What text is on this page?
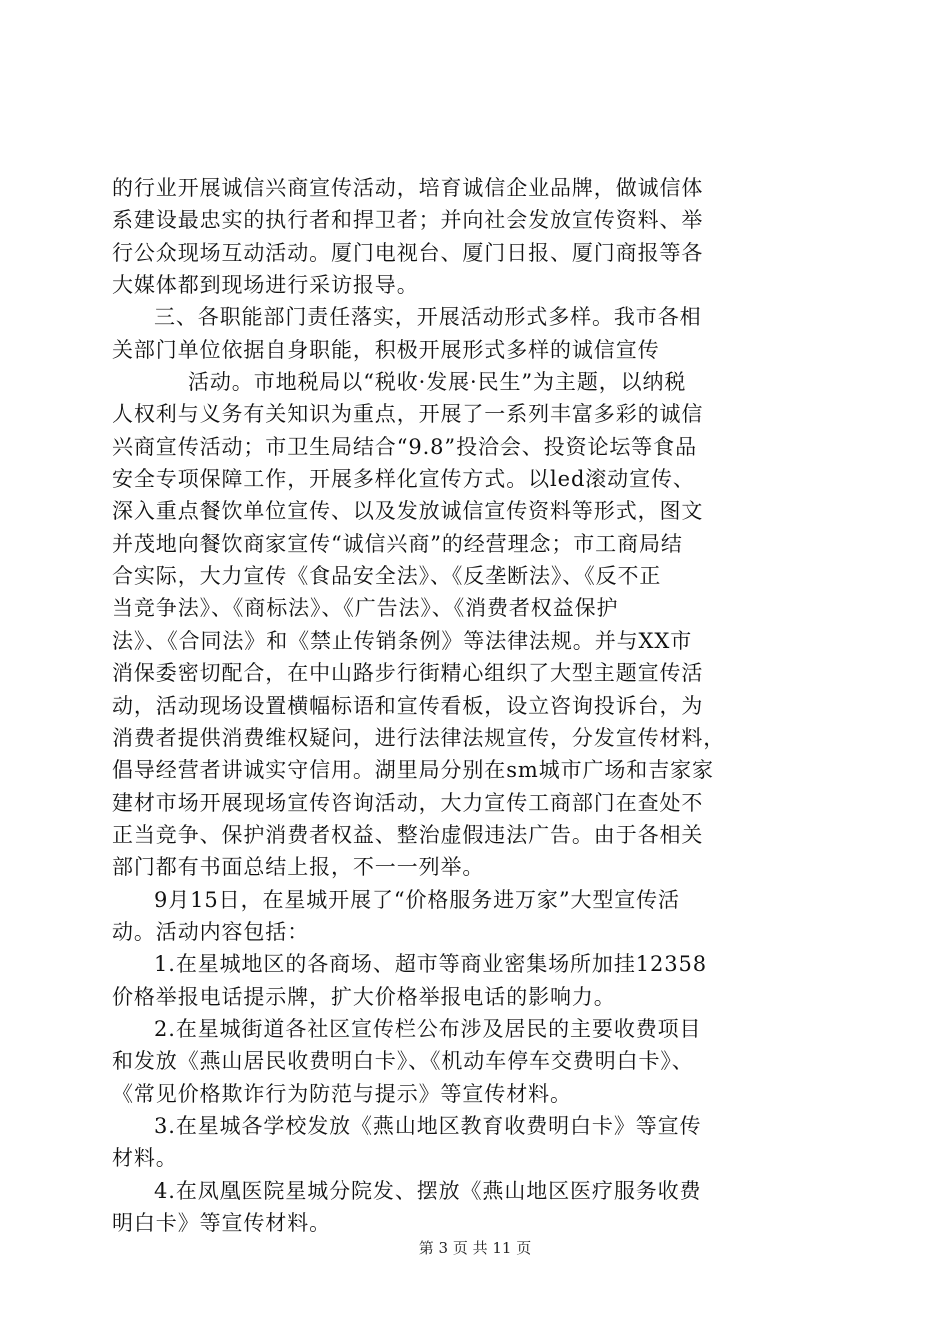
的行业开展诚信兴商宣传活动，培育诚信企业品牌，做诚信体
系建设最忠实的执行者和捍卫者；并向社会发放宣传资料、举
行公众现场互动活动。厦门电视台、厦门日报、厦门商报等各
大媒体都到现场进行采访报导。
三、各职能部门责任落实，开展活动形式多样。我市各相
关部门单位依据自身职能，积极开展形式多样的诚信宣传
活动。市地税局以“税收·发展·民生”为主题，以纳税
人权利与义务有关知识为重点，开展了一系列丰富多彩的诚信
兴商宣传活动；市卫生局结合“9.8”投洽会、投资论坛等食品
安全专项保障工作，开展多样化宣传方式。以led滚动宣传、
深入重点餐饮单位宣传、以及发放诚信宣传资料等形式，图文
并茂地向餐饮商家宣传“诚信兴商”的经营理念；市工商局结
合实际，大力宣传《食品安全法》、《反垄断法》、《反不正
当竞争法》、《商标法》、《广告法》、《消费者权益保护
法》、《合同法》和《禁止传销条例》等法律法规。并与XX市
消保委密切配合，在中山路步行街精心组织了大型主题宣传活
动，活动现场设置横幅标语和宣传看板，设立咨询投诉台，为
消费者提供消费维权疑问，进行法律法规宣传，分发宣传材料，
倡导经营者讲诚实守信用。湖里局分别在sm城市广场和吉家家
建材市场开展现场宣传咨询活动，大力宣传工商部门在查处不
正当竞争、保护消费者权益、整治虚假违法广告。由于各相关
部门都有书面总结上报，不一一列举。
9月15日，在星城开展了“价格服务进万家”大型宣传活
动。活动内容包括：
1.在星城地区的各商场、超市等商业密集场所加挂12358
价格举报电话提示牌，扩大价格举报电话的影响力。
2.在星城街道各社区宣传栏公布涉及居民的主要收费项目
和发放《燕山居民收费明白卡》、《机动车停车交费明白卡》、
《常见价格欺诈行为防范与提示》等宣传材料。
3.在星城各学校发放《燕山地区教育收费明白卡》等宣传
材料。
4.在凤凰医院星城分院发、摆放《燕山地区医疗服务收费
明白卡》等宣传材料。
第 3 页 共 11 页
